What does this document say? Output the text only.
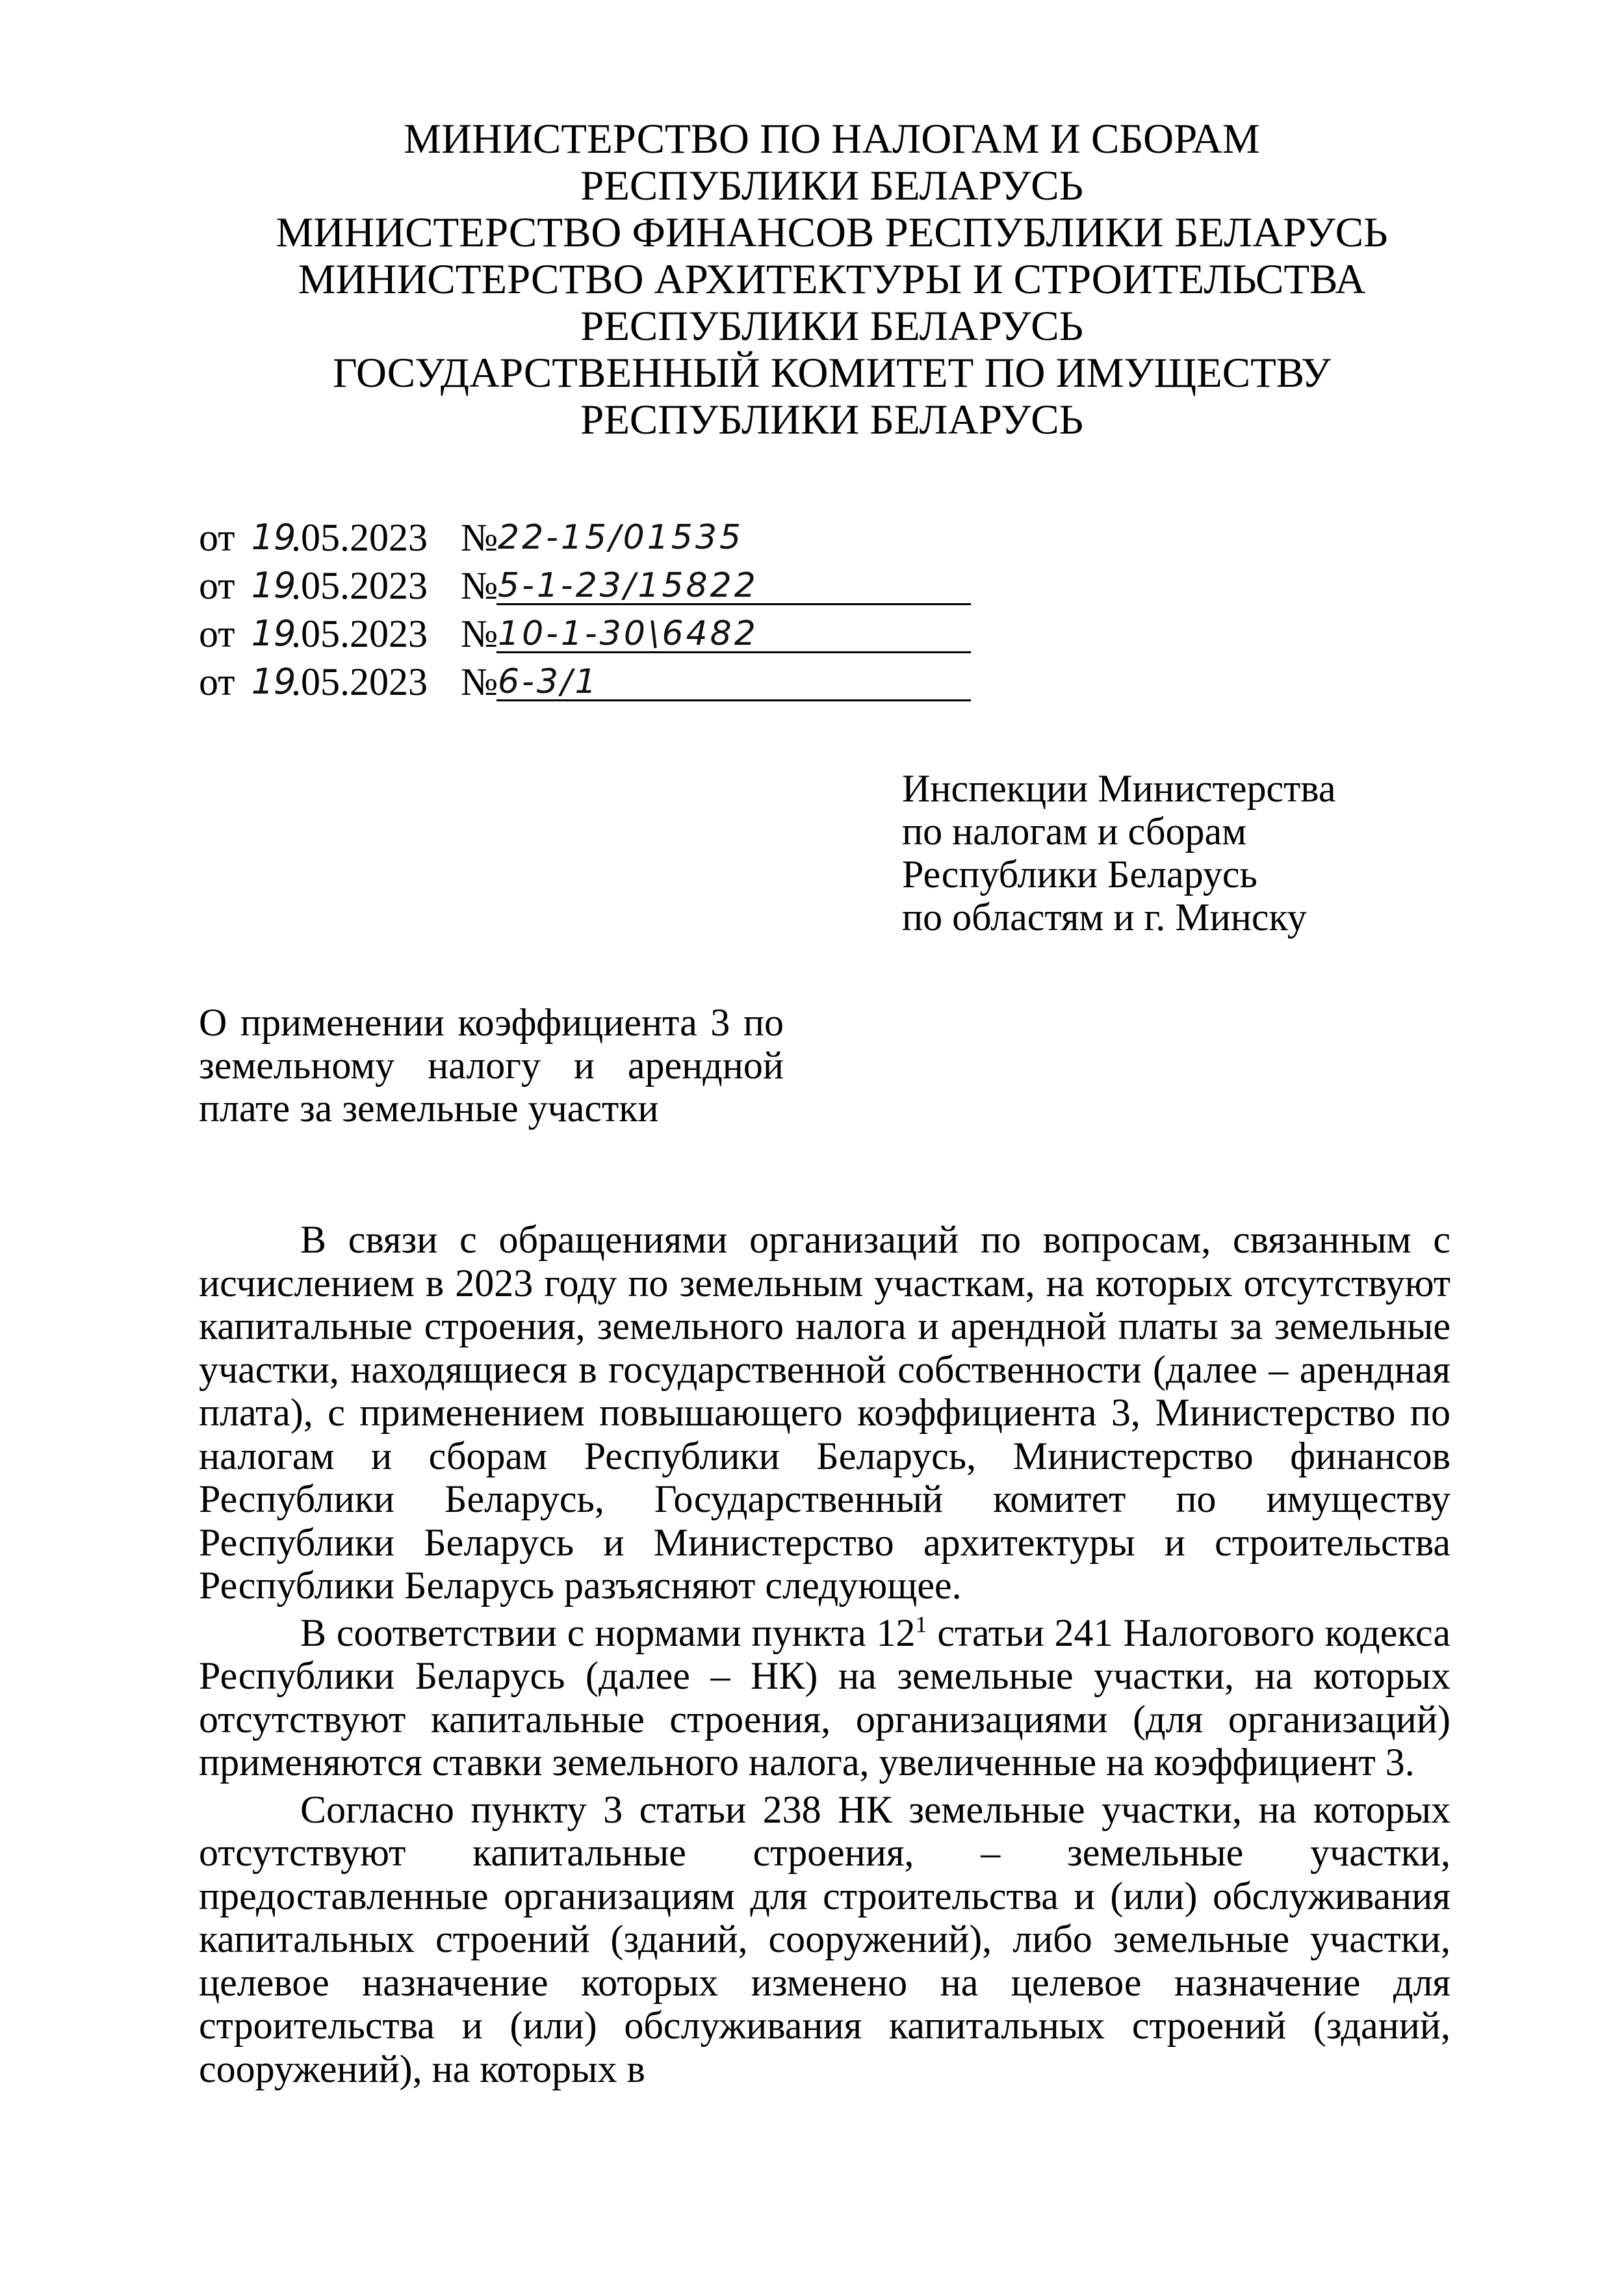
МИНИСТЕРСТВО ПО НАЛОГАМ И СБОРАМ
РЕСПУБЛИКИ БЕЛАРУСЬ
МИНИСТЕРСТВО ФИНАНСОВ РЕСПУБЛИКИ БЕЛАРУСЬ
МИНИСТЕРСТВО АРХИТЕКТУРЫ И СТРОИТЕЛЬСТВА
РЕСПУБЛИКИ БЕЛАРУСЬ
ГОСУДАРСТВЕННЫЙ КОМИТЕТ ПО ИМУЩЕСТВУ
РЕСПУБЛИКИ БЕЛАРУСЬ
от 19
.05.2023 № 22-15/01535
от 19
.05.2023 № 5-1-23/15822
от 19
.05.2023 № 10-1-30\6482
от 19
.05.2023 № 6-3/1
Инспекции Министерства
по налогам и сборам
Республики Беларусь
по областям и г. Минску
О применении коэффициента 3 по земельному налогу и арендной плате за земельные участки

В связи с обращениями организаций по вопросам, связанным с исчислением в 2023 году по земельным участкам, на которых отсутствуют капитальные строения, земельного налога и арендной платы за земельные участки, находящиеся в государственной собственности (далее – арендная плата), с применением повышающего коэффициента 3, Министерство по налогам и сборам Республики Беларусь, Министерство финансов Республики Беларусь, Государственный комитет по имуществу Республики Беларусь и Министерство архитектуры и строительства Республики Беларусь разъясняют следующее.

В соответствии с нормами пункта $12^1$ статьи 241 Налогового кодекса Республики Беларусь (далее – НК) на земельные участки, на которых отсутствуют капитальные строения, организациями (для организаций) применяются ставки земельного налога, увеличенные на коэффициент 3.

Согласно пункту 3 статьи 238 НК земельные участки, на которых отсутствуют капитальные строения, – земельные участки, предоставленные организациям для строительства и (или) обслуживания капитальных строений (зданий, сооружений), либо земельные участки, целевое назначение которых изменено на целевое назначение для строительства и (или) обслуживания капитальных строений (зданий, сооружений), на которых в
